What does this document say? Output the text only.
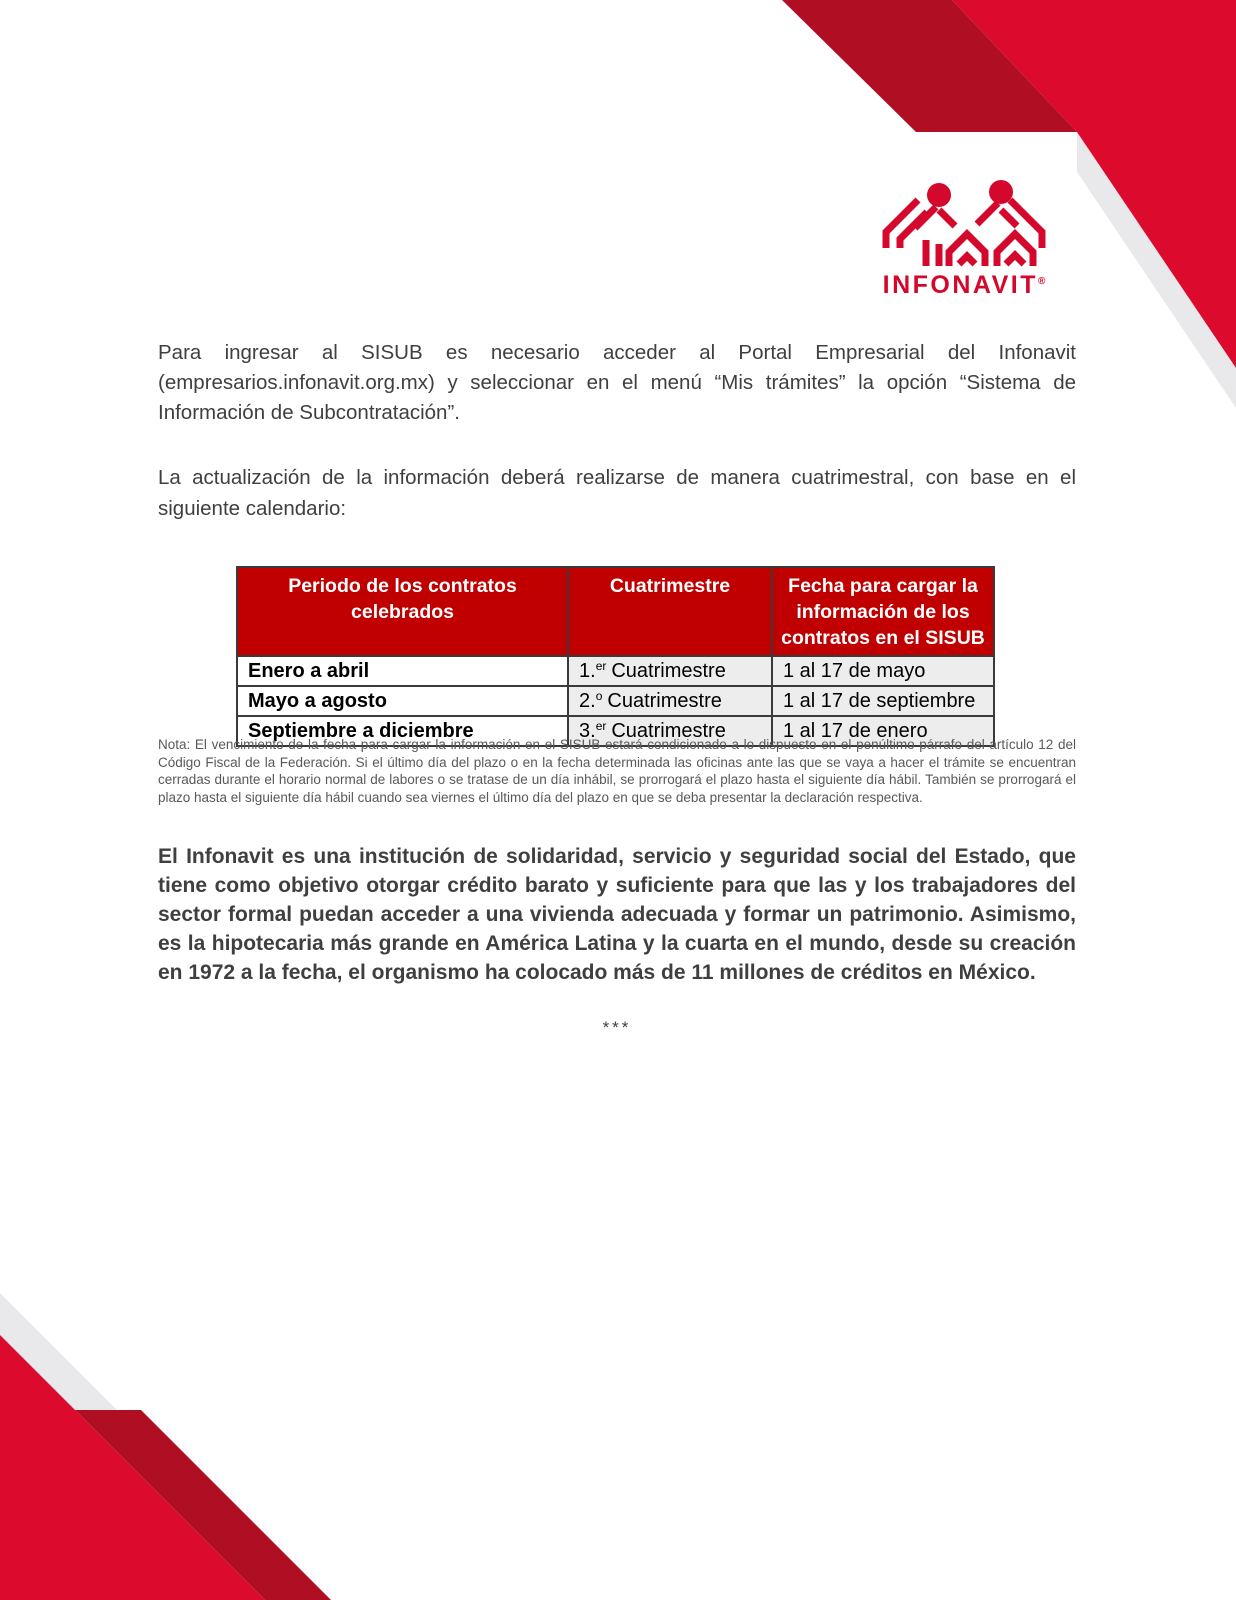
INFONAVIT®
Para ingresar al SISUB es necesario acceder al Portal Empresarial del Infonavit (empresarios.infonavit.org.mx) y seleccionar en el menú “Mis trámites” la opción “Sistema de Información de Subcontratación”.
La actualización de la información deberá realizarse de manera cuatrimestral, con base en el siguiente calendario:
Periodo de los contratos celebrados	Cuatrimestre	Fecha para cargar la información de los contratos en el SISUB
Enero a abril	1.$^{er}$ Cuatrimestre	1 al 17 de mayo
Mayo a agosto	2.$^o$ Cuatrimestre	1 al 17 de septiembre
Septiembre a diciembre	3.$^{er}$ Cuatrimestre	1 al 17 de enero
Nota: El vencimiento de la fecha para cargar la información en el SISUB estará condicionado a lo dispuesto en el penúltimo párrafo del artículo 12 del Código Fiscal de la Federación. Si el último día del plazo o en la fecha determinada las oficinas ante las que se vaya a hacer el trámite se encuentran cerradas durante el horario normal de labores o se tratase de un día inhábil, se prorrogará el plazo hasta el siguiente día hábil. También se prorrogará el plazo hasta el siguiente día hábil cuando sea viernes el último día del plazo en que se deba presentar la declaración respectiva.
El Infonavit es una institución de solidaridad, servicio y seguridad social del Estado, que tiene como objetivo otorgar crédito barato y suficiente para que las y los trabajadores del sector formal puedan acceder a una vivienda adecuada y formar un patrimonio. Asimismo, es la hipotecaria más grande en América Latina y la cuarta en el mundo, desde su creación en 1972 a la fecha, el organismo ha colocado más de 11 millones de créditos en México.
***
